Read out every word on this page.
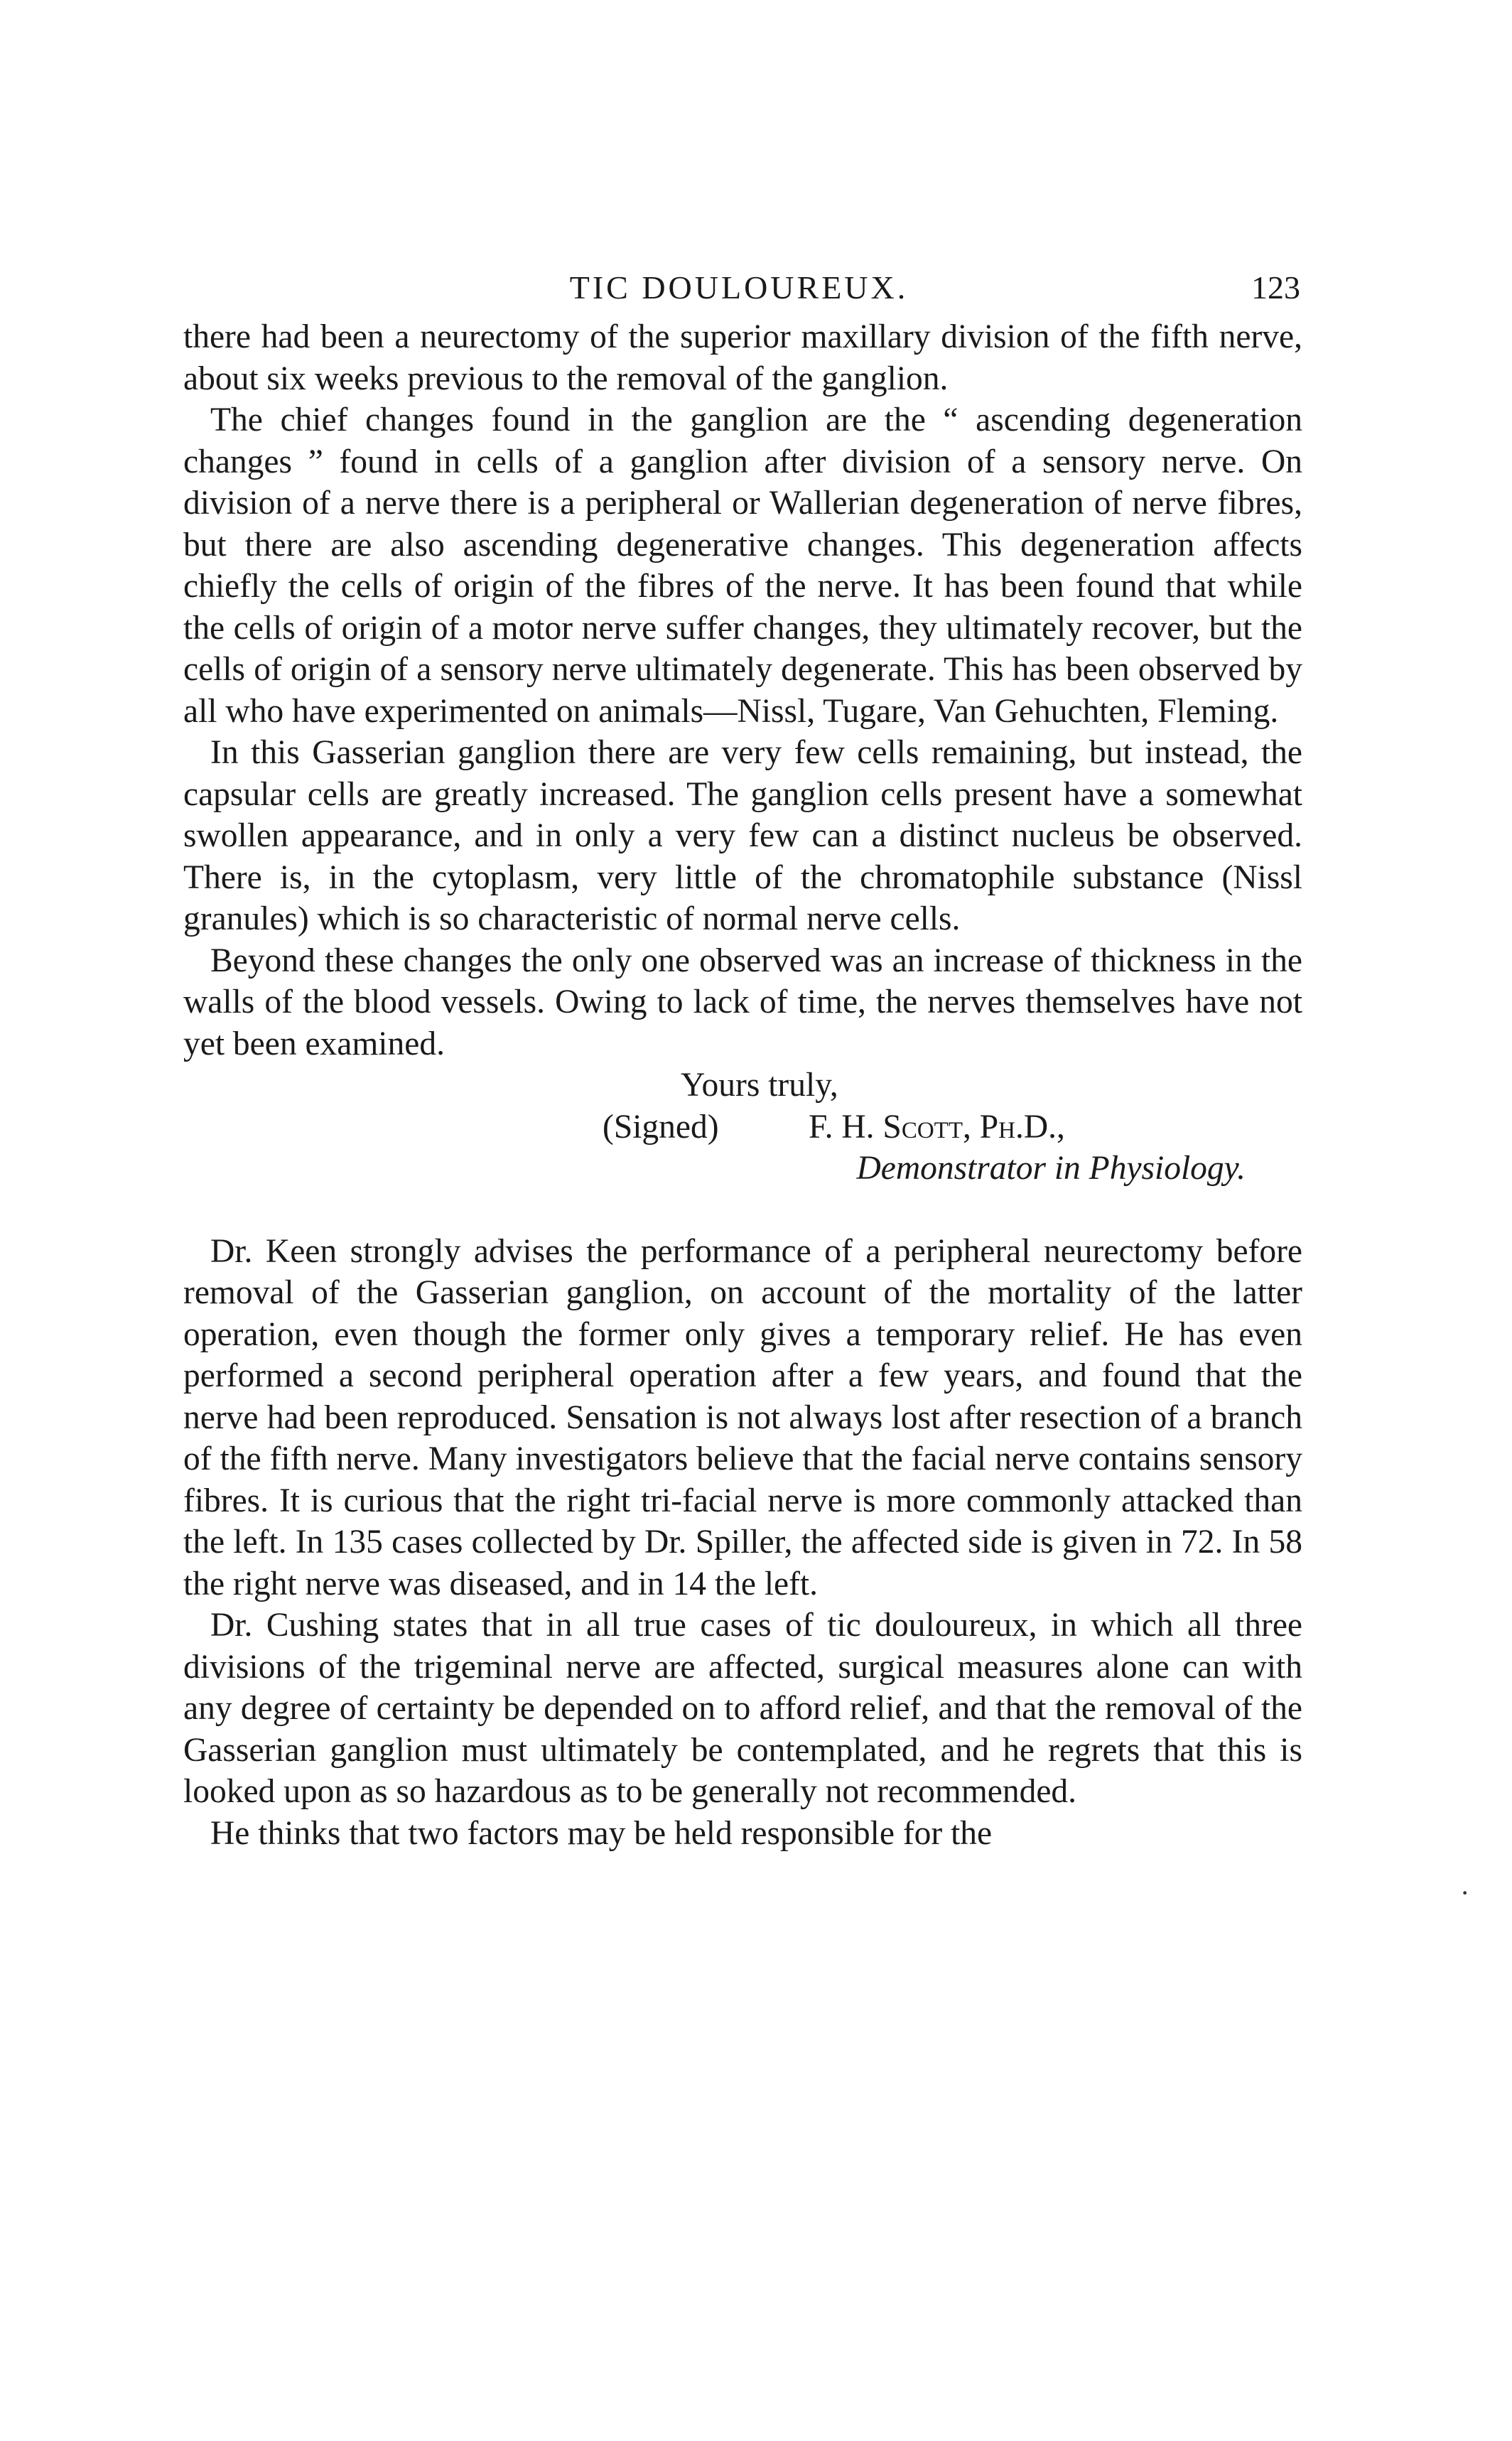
TIC DOULOUREUX.	123

there had been a neurectomy of the superior maxillary division of the fifth nerve, about six weeks previous to the removal of the ganglion.

The chief changes found in the ganglion are the “ ascending degeneration changes ” found in cells of a ganglion after division of a sensory nerve. On division of a nerve there is a peripheral or Wallerian degeneration of nerve fibres, but there are also ascending degenerative changes. This degeneration affects chiefly the cells of origin of the fibres of the nerve. It has been found that while the cells of origin of a motor nerve suffer changes, they ultimately recover, but the cells of origin of a sensory nerve ultimately degenerate. This has been observed by all who have experimented on animals—Nissl, Tugare, Van Gehuchten, Fleming.

In this Gasserian ganglion there are very few cells remaining, but instead, the capsular cells are greatly increased. The ganglion cells present have a somewhat swollen appearance, and in only a very few can a distinct nucleus be observed. There is, in the cytoplasm, very little of the chromatophile substance (Nissl granules) which is so characteristic of normal nerve cells.

Beyond these changes the only one observed was an increase of thickness in the walls of the blood vessels. Owing to lack of time, the nerves themselves have not yet been examined.

Yours truly,
(Signed)	F. H. Scott, Ph.D.,
Demonstrator in Physiology.

Dr. Keen strongly advises the performance of a peripheral neurectomy before removal of the Gasserian ganglion, on account of the mortality of the latter operation, even though the former only gives a temporary relief. He has even performed a second peripheral operation after a few years, and found that the nerve had been reproduced. Sensation is not always lost after resection of a branch of the fifth nerve. Many investigators believe that the facial nerve contains sensory fibres. It is curious that the right tri-facial nerve is more commonly attacked than the left. In 135 cases collected by Dr. Spiller, the affected side is given in 72. In 58 the right nerve was diseased, and in 14 the left.

Dr. Cushing states that in all true cases of tic douloureux, in which all three divisions of the trigeminal nerve are affected, surgical measures alone can with any degree of certainty be depended on to afford relief, and that the removal of the Gasserian ganglion must ultimately be contemplated, and he regrets that this is looked upon as so hazardous as to be generally not recommended.

He thinks that two factors may be held responsible for the

·
